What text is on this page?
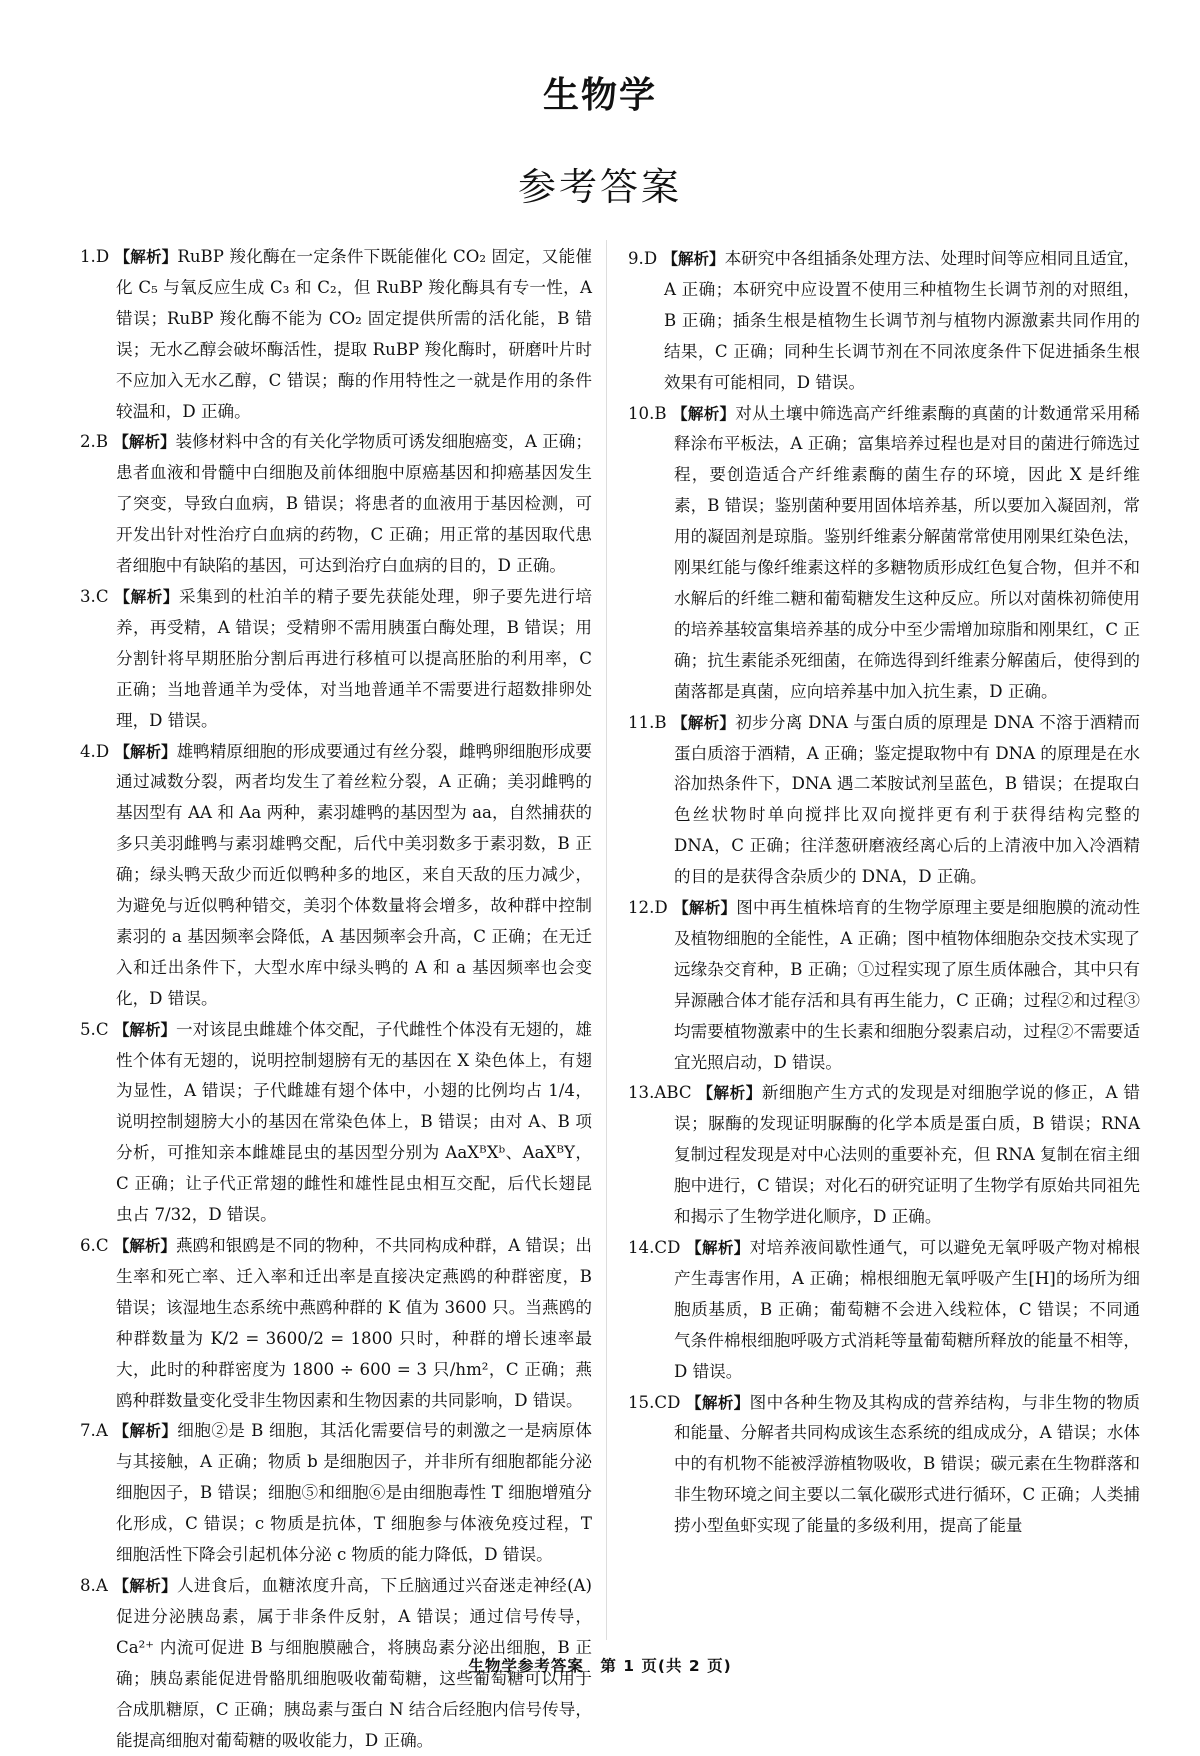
生物学
参考答案

1.D 【解析】RuBP 羧化酶在一定条件下既能催化 CO₂ 固定，又能催化 C₅ 与氧反应生成 C₃ 和 C₂，但 RuBP 羧化酶具有专一性，A 错误；RuBP 羧化酶不能为 CO₂ 固定提供所需的活化能，B 错误；无水乙醇会破坏酶活性，提取 RuBP 羧化酶时，研磨叶片时不应加入无水乙醇，C 错误；酶的作用特性之一就是作用的条件较温和，D 正确。

2.B 【解析】装修材料中含的有关化学物质可诱发细胞癌变，A 正确；患者血液和骨髓中白细胞及前体细胞中原癌基因和抑癌基因发生了突变，导致白血病，B 错误；将患者的血液用于基因检测，可开发出针对性治疗白血病的药物，C 正确；用正常的基因取代患者细胞中有缺陷的基因，可达到治疗白血病的目的，D 正确。

3.C 【解析】采集到的杜泊羊的精子要先获能处理，卵子要先进行培养，再受精，A 错误；受精卵不需用胰蛋白酶处理，B 错误；用分割针将早期胚胎分割后再进行移植可以提高胚胎的利用率，C 正确；当地普通羊为受体，对当地普通羊不需要进行超数排卵处理，D 错误。

4.D 【解析】雄鸭精原细胞的形成要通过有丝分裂，雌鸭卵细胞形成要通过减数分裂，两者均发生了着丝粒分裂，A 正确；美羽雌鸭的基因型有 AA 和 Aa 两种，素羽雄鸭的基因型为 aa，自然捕获的多只美羽雌鸭与素羽雄鸭交配，后代中美羽数多于素羽数，B 正确；绿头鸭天敌少而近似鸭种多的地区，来自天敌的压力减少，为避免与近似鸭种错交，美羽个体数量将会增多，故种群中控制素羽的 a 基因频率会降低，A 基因频率会升高，C 正确；在无迁入和迁出条件下，大型水库中绿头鸭的 A 和 a 基因频率也会变化，D 错误。

5.C 【解析】一对该昆虫雌雄个体交配，子代雌性个体没有无翅的，雄性个体有无翅的，说明控制翅膀有无的基因在 X 染色体上，有翅为显性，A 错误；子代雌雄有翅个体中，小翅的比例均占 1/4，说明控制翅膀大小的基因在常染色体上，B 错误；由对 A、B 项分析，可推知亲本雌雄昆虫的基因型分别为 AaXᴮXᵇ、AaXᴮY，C 正确；让子代正常翅的雌性和雄性昆虫相互交配，后代长翅昆虫占 7/32，D 错误。

6.C 【解析】燕鸥和银鸥是不同的物种，不共同构成种群，A 错误；出生率和死亡率、迁入率和迁出率是直接决定燕鸥的种群密度，B 错误；该湿地生态系统中燕鸥种群的 K 值为 3600 只。当燕鸥的种群数量为 K/2 = 3600/2 = 1800 只时，种群的增长速率最大，此时的种群密度为 1800 ÷ 600 = 3 只/hm²，C 正确；燕鸥种群数量变化受非生物因素和生物因素的共同影响，D 错误。

7.A 【解析】细胞②是 B 细胞，其活化需要信号的刺激之一是病原体与其接触，A 正确；物质 b 是细胞因子，并非所有细胞都能分泌细胞因子，B 错误；细胞⑤和细胞⑥是由细胞毒性 T 细胞增殖分化形成，C 错误；c 物质是抗体，T 细胞参与体液免疫过程，T 细胞活性下降会引起机体分泌 c 物质的能力降低，D 错误。

8.A 【解析】人进食后，血糖浓度升高，下丘脑通过兴奋迷走神经(A)促进分泌胰岛素，属于非条件反射，A 错误；通过信号传导，Ca²⁺ 内流可促进 B 与细胞膜融合，将胰岛素分泌出细胞，B 正确；胰岛素能促进骨骼肌细胞吸收葡萄糖，这些葡萄糖可以用于合成肌糖原，C 正确；胰岛素与蛋白 N 结合后经胞内信号传导，能提高细胞对葡萄糖的吸收能力，D 正确。

9.D 【解析】本研究中各组插条处理方法、处理时间等应相同且适宜，A 正确；本研究中应设置不使用三种植物生长调节剂的对照组，B 正确；插条生根是植物生长调节剂与植物内源激素共同作用的结果，C 正确；同种生长调节剂在不同浓度条件下促进插条生根效果有可能相同，D 错误。

10.B 【解析】对从土壤中筛选高产纤维素酶的真菌的计数通常采用稀释涂布平板法，A 正确；富集培养过程也是对目的菌进行筛选过程，要创造适合产纤维素酶的菌生存的环境，因此 X 是纤维素，B 错误；鉴别菌种要用固体培养基，所以要加入凝固剂，常用的凝固剂是琼脂。鉴别纤维素分解菌常常使用刚果红染色法，刚果红能与像纤维素这样的多糖物质形成红色复合物，但并不和水解后的纤维二糖和葡萄糖发生这种反应。所以对菌株初筛使用的培养基较富集培养基的成分中至少需增加琼脂和刚果红，C 正确；抗生素能杀死细菌，在筛选得到纤维素分解菌后，使得到的菌落都是真菌，应向培养基中加入抗生素，D 正确。

11.B 【解析】初步分离 DNA 与蛋白质的原理是 DNA 不溶于酒精而蛋白质溶于酒精，A 正确；鉴定提取物中有 DNA 的原理是在水浴加热条件下，DNA 遇二苯胺试剂呈蓝色，B 错误；在提取白色丝状物时单向搅拌比双向搅拌更有利于获得结构完整的 DNA，C 正确；往洋葱研磨液经离心后的上清液中加入冷酒精的目的是获得含杂质少的 DNA，D 正确。

12.D 【解析】图中再生植株培育的生物学原理主要是细胞膜的流动性及植物细胞的全能性，A 正确；图中植物体细胞杂交技术实现了远缘杂交育种，B 正确；①过程实现了原生质体融合，其中只有异源融合体才能存活和具有再生能力，C 正确；过程②和过程③均需要植物激素中的生长素和细胞分裂素启动，过程②不需要适宜光照启动，D 错误。

13.ABC 【解析】新细胞产生方式的发现是对细胞学说的修正，A 错误；脲酶的发现证明脲酶的化学本质是蛋白质，B 错误；RNA 复制过程发现是对中心法则的重要补充，但 RNA 复制在宿主细胞中进行，C 错误；对化石的研究证明了生物学有原始共同祖先和揭示了生物学进化顺序，D 正确。

14.CD 【解析】对培养液间歇性通气，可以避免无氧呼吸产物对棉根产生毒害作用，A 正确；棉根细胞无氧呼吸产生[H]的场所为细胞质基质，B 正确；葡萄糖不会进入线粒体，C 错误；不同通气条件棉根细胞呼吸方式消耗等量葡萄糖所释放的能量不相等，D 错误。

15.CD 【解析】图中各种生物及其构成的营养结构，与非生物的物质和能量、分解者共同构成该生态系统的组成成分，A 错误；水体中的有机物不能被浮游植物吸收，B 错误；碳元素在生物群落和非生物环境之间主要以二氧化碳形式进行循环，C 正确；人类捕捞小型鱼虾实现了能量的多级利用，提高了能量

生物学参考答案　第 1 页(共 2 页)
